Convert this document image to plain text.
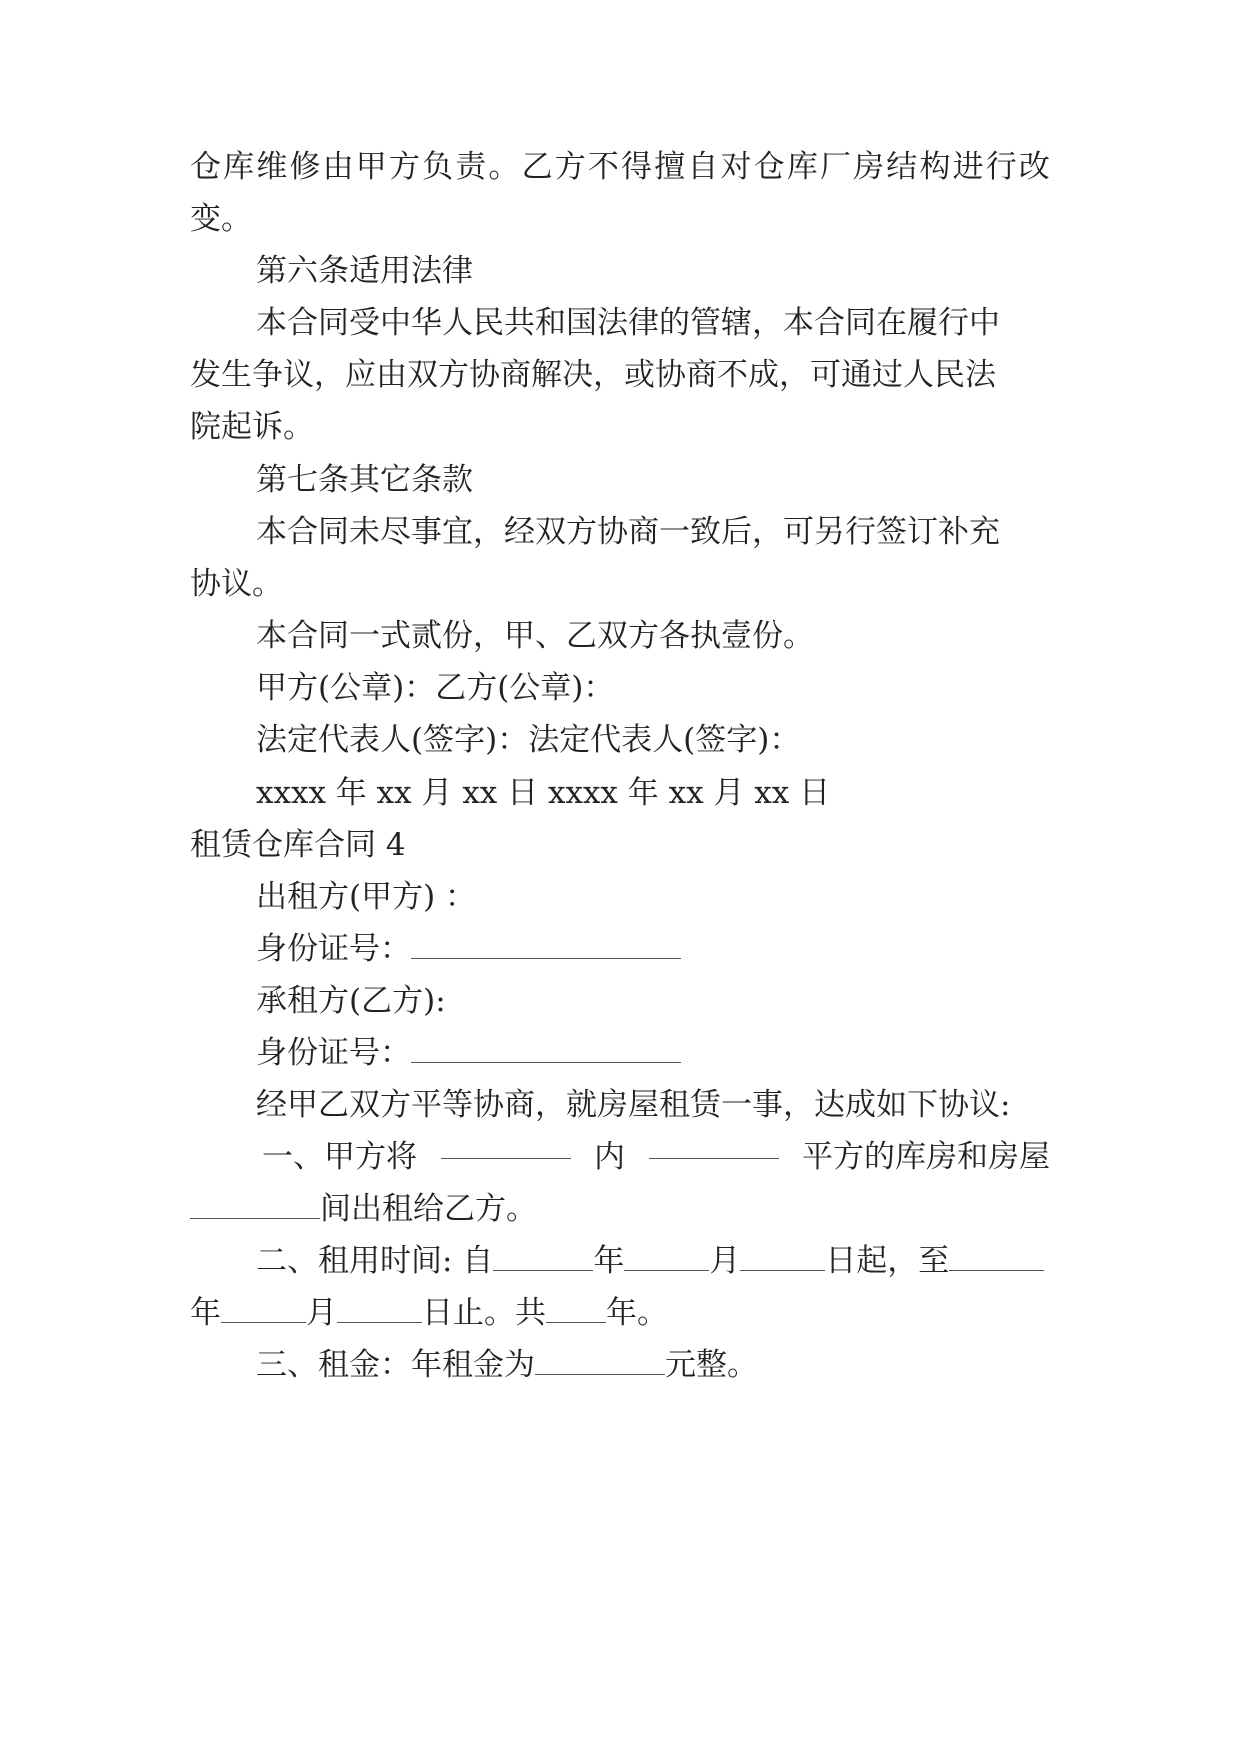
仓 库 维 修 由 甲 方 负 责 。 乙 方 不 得 擅 自 对 仓 库 厂 房 结 构 进 行 改
变。
第六条适用法律
本合同受中华人民共和国法律的管辖，本合同在履行中
发生争议，应由双方协商解决，或协商不成，可通过人民法
院起诉。
第七条其它条款
本合同未尽事宜，经双方协商一致后，可另行签订补充
协议。
本合同一式贰份，甲、乙双方各执壹份。
甲方(公章)：乙方(公章)：
法定代表人(签字)：法定代表人(签字)：
xxxx 年 xx 月 xx 日 xxxx 年 xx 月 xx 日
租赁仓库合同 4
出租方(甲方) ：
身份证号：
承租方(乙方):
身份证号：
经甲乙双方平等协商，就房屋租赁一事，达成如下协议:
一、甲方将	内	平方的库房和房屋
间出租给乙方。
二、租用时间: 自	年	月	日起，至
年	月	日止。共 年。
三、租金：年租金为	元整。
